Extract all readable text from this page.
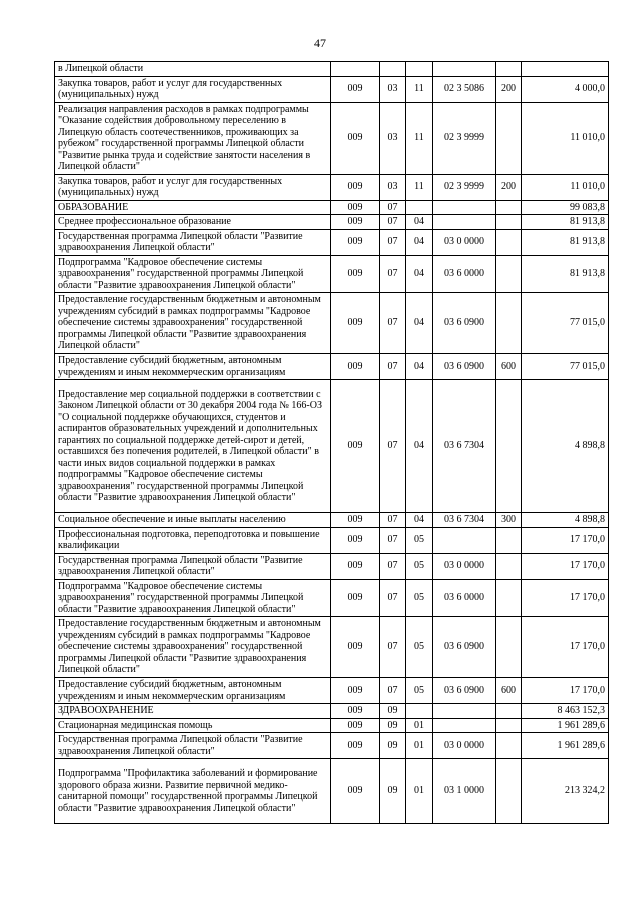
47
в Липецкой области						
Закупка товаров, работ и услуг для государственных (муниципальных) нужд	009	03	11	02 3 5086	200	4 000,0
Реализация направления расходов в рамках подпрограммы "Оказание содействия добровольному переселению в Липецкую область соотечественников, проживающих за рубежом" государственной программы Липецкой области "Развитие рынка труда и содействие занятости населения в Липецкой области"	009	03	11	02 3 9999		11 010,0
Закупка товаров, работ и услуг для государственных (муниципальных) нужд	009	03	11	02 3 9999	200	11 010,0
ОБРАЗОВАНИЕ	009	07				99 083,8
Среднее профессиональное образование	009	07	04			81 913,8
Государственная программа Липецкой области "Развитие здравоохранения Липецкой области"	009	07	04	03 0 0000		81 913,8
Подпрограмма "Кадровое обеспечение системы здравоохранения" государственной программы Липецкой области "Развитие здравоохранения Липецкой области"	009	07	04	03 6 0000		81 913,8
Предоставление государственным бюджетным и автономным учреждениям субсидий в рамках подпрограммы "Кадровое обеспечение системы здравоохранения" государственной программы Липецкой области "Развитие здравоохранения Липецкой области"	009	07	04	03 6 0900		77 015,0
Предоставление субсидий бюджетным, автономным учреждениям и иным некоммерческим организациям	009	07	04	03 6 0900	600	77 015,0
Предоставление мер социальной поддержки в соответствии с Законом Липецкой области от 30 декабря 2004 года № 166-ОЗ "О социальной поддержке обучающихся, студентов и аспирантов образовательных учреждений и дополнительных гарантиях по социальной поддержке детей-сирот и детей, оставшихся без попечения родителей, в Липецкой области" в части иных видов социальной поддержки в рамках подпрограммы "Кадровое обеспечение системы здравоохранения" государственной программы Липецкой области "Развитие здравоохранения Липецкой области"	009	07	04	03 6 7304		4 898,8
Социальное обеспечение и иные выплаты населению	009	07	04	03 6 7304	300	4 898,8
Профессиональная подготовка, переподготовка и повышение квалификации	009	07	05			17 170,0
Государственная программа Липецкой области "Развитие здравоохранения Липецкой области"	009	07	05	03 0 0000		17 170,0
Подпрограмма "Кадровое обеспечение системы здравоохранения" государственной программы Липецкой области "Развитие здравоохранения Липецкой области"	009	07	05	03 6 0000		17 170,0
Предоставление государственным бюджетным и автономным учреждениям субсидий в рамках подпрограммы "Кадровое обеспечение системы здравоохранения" государственной программы Липецкой области "Развитие здравоохранения Липецкой области"	009	07	05	03 6 0900		17 170,0
Предоставление субсидий бюджетным, автономным учреждениям и иным некоммерческим организациям	009	07	05	03 6 0900	600	17 170,0
ЗДРАВООХРАНЕНИЕ	009	09				8 463 152,3
Стационарная медицинская помощь	009	09	01			1 961 289,6
Государственная программа Липецкой области "Развитие здравоохранения Липецкой области"	009	09	01	03 0 0000		1 961 289,6
Подпрограмма "Профилактика заболеваний и формирование здорового образа жизни. Развитие первичной медико-санитарной помощи" государственной программы Липецкой области "Развитие здравоохранения Липецкой области"	009	09	01	03 1 0000		213 324,2
